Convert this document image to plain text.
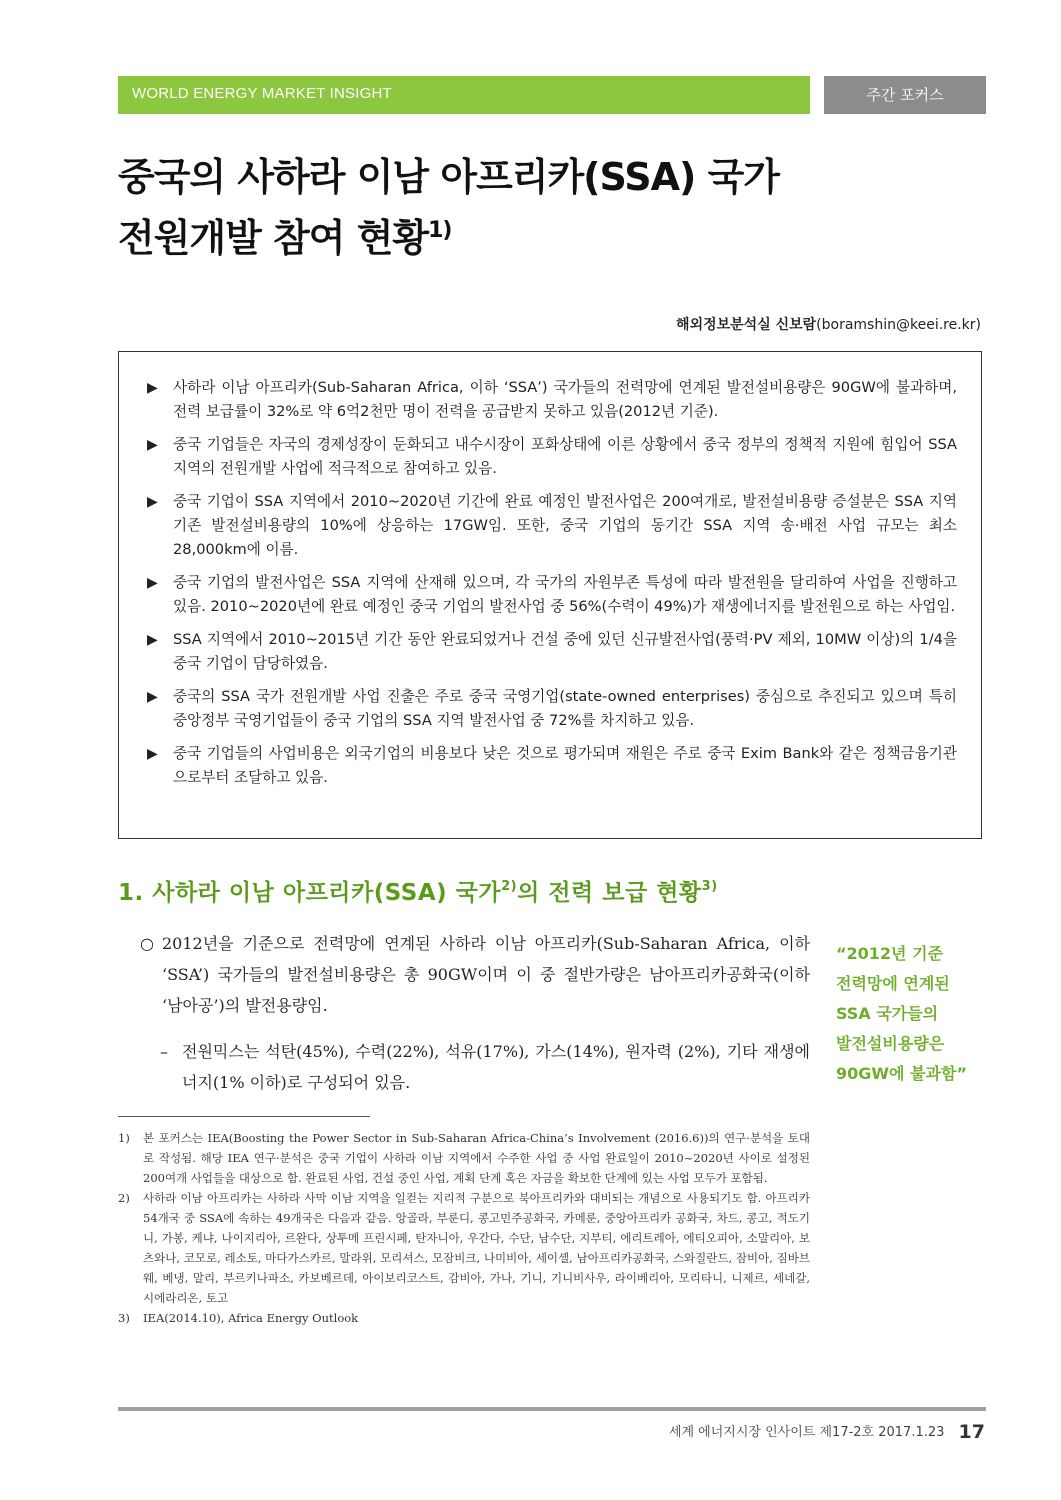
WORLD ENERGY MARKET INSIGHT	주간 포커스
중국의 사하라 이남 아프리카(SSA) 국가
전원개발 참여 현황$^{1)}$
해외정보분석실 신보람(boramshin@keei.re.kr)
▶ 사하라 이남 아프리카(Sub-Saharan Africa, 이하 ‘SSA’) 국가들의 전력망에 연계된 발전설비용량은 90GW에 불과하며, 전력 보급률이 32%로 약 6억2천만 명이 전력을 공급받지 못하고 있음(2012년 기준).
▶ 중국 기업들은 자국의 경제성장이 둔화되고 내수시장이 포화상태에 이른 상황에서 중국 정부의 정책적 지원에 힘입어 SSA 지역의 전원개발 사업에 적극적으로 참여하고 있음.
▶ 중국 기업이 SSA 지역에서 2010~2020년 기간에 완료 예정인 발전사업은 200여개로, 발전설비용량 증설분은 SSA 지역 기존 발전설비용량의 10%에 상응하는 17GW임. 또한, 중국 기업의 동기간 SSA 지역 송·배전 사업 규모는 최소 28,000km에 이름.
▶ 중국 기업의 발전사업은 SSA 지역에 산재해 있으며, 각 국가의 자원부존 특성에 따라 발전원을 달리하여 사업을 진행하고 있음. 2010~2020년에 완료 예정인 중국 기업의 발전사업 중 56%(수력이 49%)가 재생에너지를 발전원으로 하는 사업임.
▶ SSA 지역에서 2010~2015년 기간 동안 완료되었거나 건설 중에 있던 신규발전사업(풍력·PV 제외, 10MW 이상)의 1/4을 중국 기업이 담당하였음.
▶ 중국의 SSA 국가 전원개발 사업 진출은 주로 중국 국영기업(state-owned enterprises) 중심으로 추진되고 있으며 특히 중앙정부 국영기업들이 중국 기업의 SSA 지역 발전사업 중 72%를 차지하고 있음.
▶ 중국 기업들의 사업비용은 외국기업의 비용보다 낮은 것으로 평가되며 재원은 주로 중국 Exim Bank와 같은 정책금융기관으로부터 조달하고 있음.
1. 사하라 이남 아프리카(SSA) 국가$^{2)}$의 전력 보급 현황$^{3)}$
○ 2012년을 기준으로 전력망에 연계된 사하라 이남 아프리카(Sub-Saharan Africa, 이하 ‘SSA’) 국가들의 발전설비용량은 총 90GW이며 이 중 절반가량은 남아프리카공화국(이하 ‘남아공’)의 발전용량임.
– 전원믹스는 석탄(45%), 수력(22%), 석유(17%), 가스(14%), 원자력 (2%), 기타 재생에너지(1% 이하)로 구성되어 있음.
“2012년 기준
전력망에 연계된
SSA 국가들의
발전설비용량은
90GW에 불과함”
1) 본 포커스는 IEA(Boosting the Power Sector in Sub-Saharan Africa-China’s Involvement (2016.6))의 연구·분석을 토대로 작성됨. 해당 IEA 연구·분석은 중국 기업이 사하라 이남 지역에서 수주한 사업 중 사업 완료일이 2010~2020년 사이로 설정된 200여개 사업들을 대상으로 함. 완료된 사업, 건설 중인 사업, 계획 단계 혹은 자금을 확보한 단계에 있는 사업 모두가 포함됨.
2) 사하라 이남 아프리카는 사하라 사막 이남 지역을 일컫는 지리적 구분으로 북아프리카와 대비되는 개념으로 사용되기도 함. 아프리카 54개국 중 SSA에 속하는 49개국은 다음과 같음. 앙골라, 부룬디, 콩고민주공화국, 카메룬, 중앙아프리카 공화국, 차드, 콩고, 적도기니, 가봉, 케냐, 나이지리아, 르완다, 상투메 프린시페, 탄자니아, 우간다, 수단, 남수단, 지부티, 에리트레아, 에티오피아, 소말리아, 보츠와나, 코모로, 레소토, 마다가스카르, 말라위, 모리셔스, 모잠비크, 나미비아, 세이셸, 남아프리카공화국, 스와질란드, 잠비아, 짐바브웨, 베냉, 말리, 부르키나파소, 카보베르데, 아이보리코스트, 감비아, 가나, 기니, 기니비사우, 라이베리아, 모리타니, 니제르, 세네갈, 시에라리온, 토고
3) IEA(2014.10), Africa Energy Outlook
세계 에너지시장 인사이트 제17-2호 2017.1.23 17
